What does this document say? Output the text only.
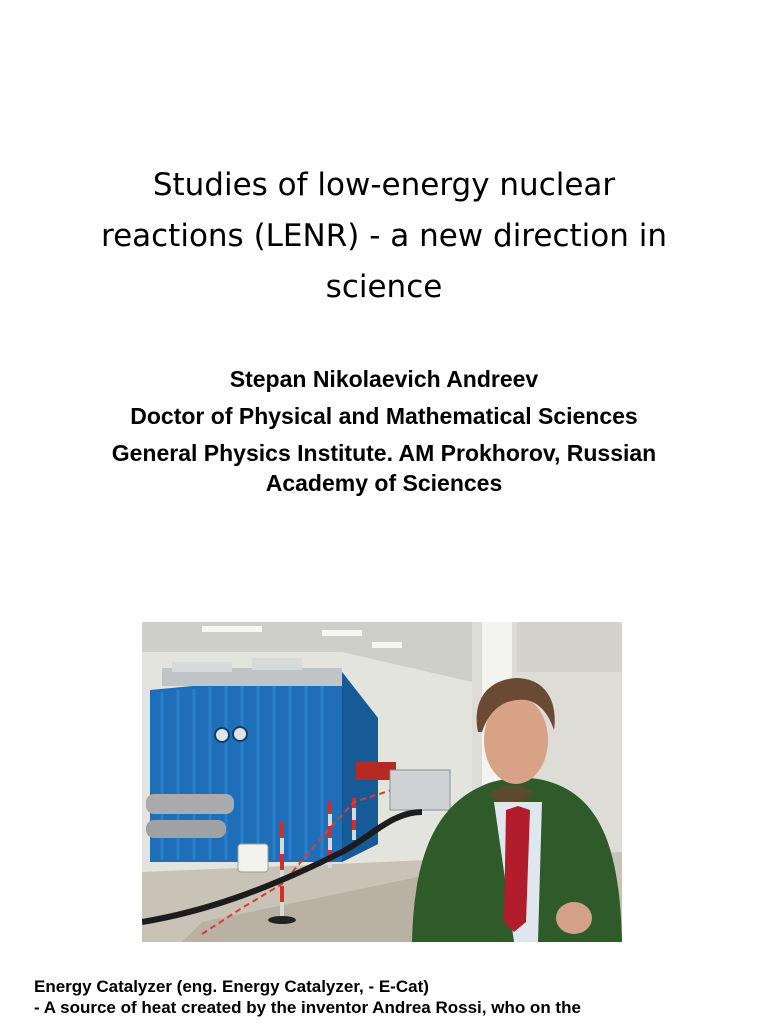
Studies of low-energy nuclear
reactions (LENR) - a new direction in
science
Stepan Nikolaevich Andreev
Doctor of Physical and Mathematical Sciences
General Physics Institute. AM Prokhorov, Russian
Academy of Sciences
Energy Catalyzer (eng. Energy Catalyzer, - E-Cat)
- A source of heat created by the inventor Andrea Rossi, who on the
